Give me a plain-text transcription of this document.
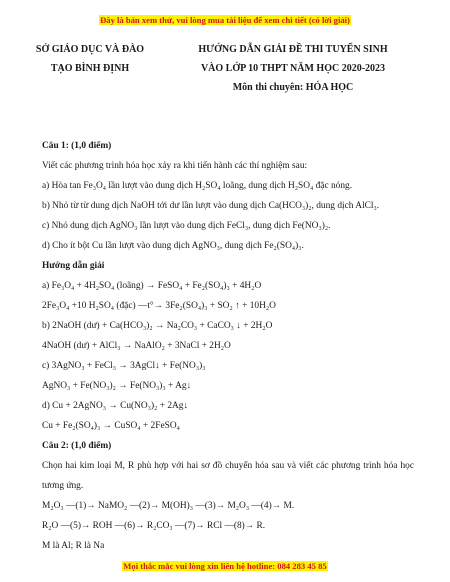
Đây là bản xem thử, vui lòng mua tài liệu để xem chi tiết (có lời giải)
SỞ GIÁO DỤC VÀ ĐÀO
TẠO BÌNH ĐỊNH
HƯỚNG DẪN GIẢI ĐỀ THI TUYỂN SINH
VÀO LỚP 10 THPT NĂM HỌC 2020-2023
Môn thi chuyên: HÓA HỌC
Câu 1: (1,0 điểm)
Viết các phương trình hóa học xảy ra khi tiến hành các thí nghiệm sau:
a) Hòa tan Fe₃O₄ lần lượt vào dung dịch H₂SO₄ loãng, dung dịch H₂SO₄ đặc nóng.
b) Nhỏ từ từ dung dịch NaOH tới dư lần lượt vào dung dịch Ca(HCO₃)₂, dung dịch AlCl₃.
c) Nhỏ dung dịch AgNO₃ lần lượt vào dung dịch FeCl₃, dung dịch Fe(NO₃)₂.
d) Cho ít bột Cu lần lượt vào dung dịch AgNO₃, dung dịch Fe₂(SO₄)₃.
Hướng dẫn giải
a) Fe₃O₄ + 4H₂SO₄ (loãng) → FeSO₄ + Fe₂(SO₄)₃ + 4H₂O
2Fe₃O₄ +10 H₂SO₄ (đặc) —t°→ 3Fe₂(SO₄)₃ + SO₂ ↑ + 10H₂O
b) 2NaOH (dư) + Ca(HCO₃)₂ → Na₂CO₃ + CaCO₃ ↓ + 2H₂O
4NaOH (dư) + AlCl₃ → NaAlO₂ + 3NaCl + 2H₂O
c) 3AgNO₃ + FeCl₃ → 3AgCl↓ + Fe(NO₃)₃
AgNO₃ + Fe(NO₃)₂ → Fe(NO₃)₃ + Ag↓
d) Cu + 2AgNO₃ → Cu(NO₃)₂ + 2Ag↓
Cu + Fe₂(SO₄)₃ → CuSO₄ + 2FeSO₄
Câu 2: (1,0 điểm)
Chọn hai kim loại M, R phù hợp với hai sơ đồ chuyển hóa sau và viết các phương trình hóa học tương ứng.
M₂O₃ —(1)→ NaMO₂ —(2)→ M(OH)₃ —(3)→ M₂O₃ —(4)→ M.
R₂O —(5)→ ROH —(6)→ R₂CO₃ —(7)→ RCl —(8)→ R.
M là Al; R là Na
Mọi thắc mắc vui lòng xin liên hệ hotline: 084 283 45 85
